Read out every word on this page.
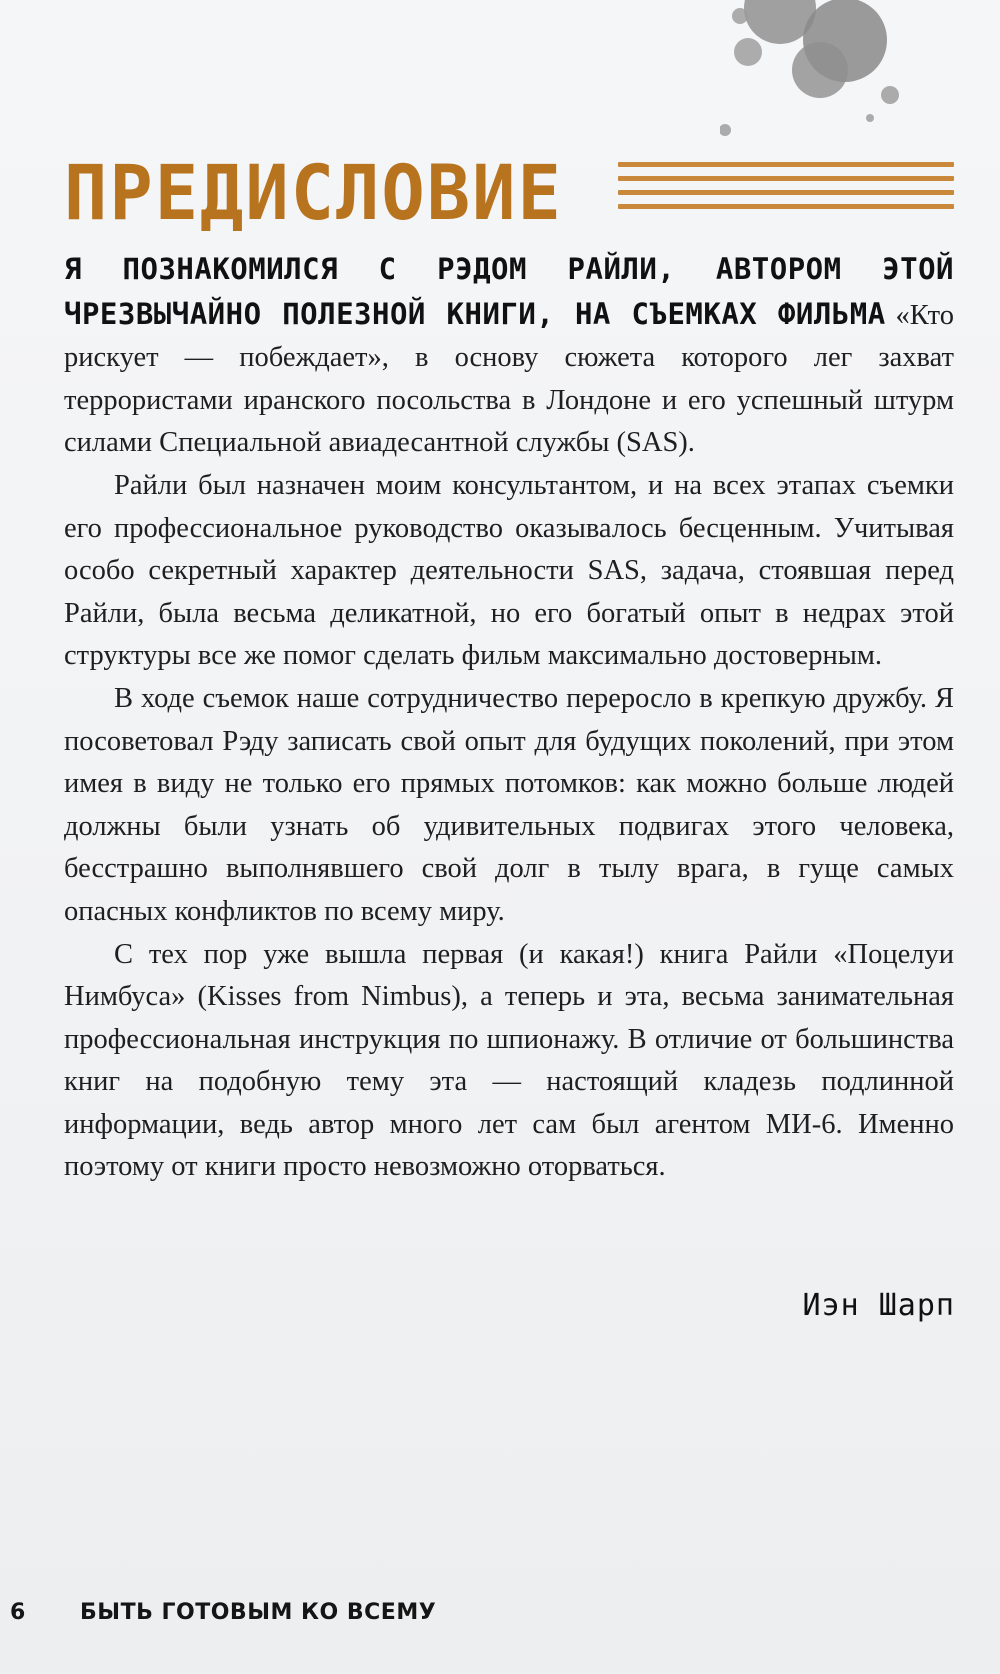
ПРЕДИСЛОВИЕ

Я ПОЗНАКОМИЛСЯ С РЭДОМ РАЙЛИ, АВТОРОМ ЭТОЙ ЧРЕЗВЫЧАЙНО ПОЛЕЗНОЙ КНИГИ, НА СЪЕМКАХ ФИЛЬМА «Кто рискует — побеждает», в основу сюжета которого лег захват террористами иранского посольства в Лондоне и его успешный штурм силами Специальной авиадесантной службы (SAS).

Райли был назначен моим консультантом, и на всех этапах съемки его профессиональное руководство оказывалось бесценным. Учитывая особо секретный характер деятельности SAS, задача, стоявшая перед Райли, была весьма деликатной, но его богатый опыт в недрах этой структуры все же помог сделать фильм максимально достоверным.

В ходе съемок наше сотрудничество переросло в крепкую дружбу. Я посоветовал Рэду записать свой опыт для будущих поколений, при этом имея в виду не только его прямых потомков: как можно больше людей должны были узнать об удивительных подвигах этого человека, бесстрашно выполнявшего свой долг в тылу врага, в гуще самых опасных конфликтов по всему миру.

С тех пор уже вышла первая (и какая!) книга Райли «Поцелуи Нимбуса» (Kisses from Nimbus), а теперь и эта, весьма занимательная профессиональная инструкция по шпионажу. В отличие от большинства книг на подобную тему эта — настоящий кладезь подлинной информации, ведь автор много лет сам был агентом МИ-6. Именно поэтому от книги просто невозможно оторваться.

Иэн Шарп
6 БЫТЬ ГОТОВЫМ КО ВСЕМУ
